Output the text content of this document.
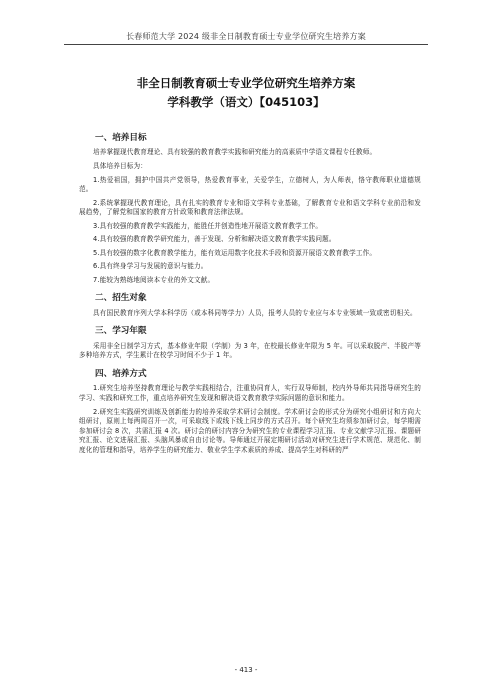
长春师范大学 2024 级非全日制教育硕士专业学位研究生培养方案
非全日制教育硕士专业学位研究生培养方案
学科教学（语文）【045103】
一、培养目标

培养掌握现代教育理论、具有较强的教育教学实践和研究能力的高素质中学语文课程专任教师。

具体培养目标为：

1.热爱祖国，拥护中国共产党领导，热爱教育事业，关爱学生，立德树人，为人师表，恪守教师职业道德规范。

2.系统掌握现代教育理论，具有扎实的教育专业和语文学科专业基础，了解教育专业和语文学科专业前沿和发展趋势，了解党和国家的教育方针政策和教育法律法规。

3.具有较强的教育教学实践能力，能胜任并创造性地开展语文教育教学工作。

4.具有较强的教育教学研究能力，善于发现、分析和解决语文教育教学实践问题。

5.具有较强的数字化教育教学能力，能有效运用数字化技术手段和资源开展语文教育教学工作。

6.具有终身学习与发展的意识与能力。

7.能较为熟练地阅读本专业的外文文献。

二、招生对象

具有国民教育序列大学本科学历（或本科同等学力）人员，报考人员的专业应与本专业领域一致或密切相关。

三、学习年限

采用非全日制学习方式，基本修业年限（学制）为 3 年，在校最长修业年限为 5 年。可以采取脱产、半脱产等多种培养方式，学生累计在校学习时间不少于 1 年。

四、培养方式

1.研究生培养坚持教育理论与教学实践相结合，注重协同育人，实行双导师制，校内外导师共同指导研究生的学习、实践和研究工作，重点培养研究生发现和解决语文教育教学实际问题的意识和能力。

2.研究生实践研究训练及创新能力的培养采取学术研讨会制度。学术研讨会的形式分为研究小组研讨和方向大组研讨，原则上每两周召开一次，可采取线下或线下线上同步的方式召开。每个研究生均须参加研讨会，每学期需参加研讨会 8 次，共需汇报 4 次。研讨会的研讨内容分为研究生的专业课程学习汇报、专业文献学习汇报、课题研究汇报、论文进展汇报、头脑风暴或自由讨论等。导师通过开展定期研讨活动对研究生进行学术规范、规范化、制度化的管理和指导，培养学生的研究能力、敬业学生学术素质的养成、提高学生对科研的严

- 413 -
